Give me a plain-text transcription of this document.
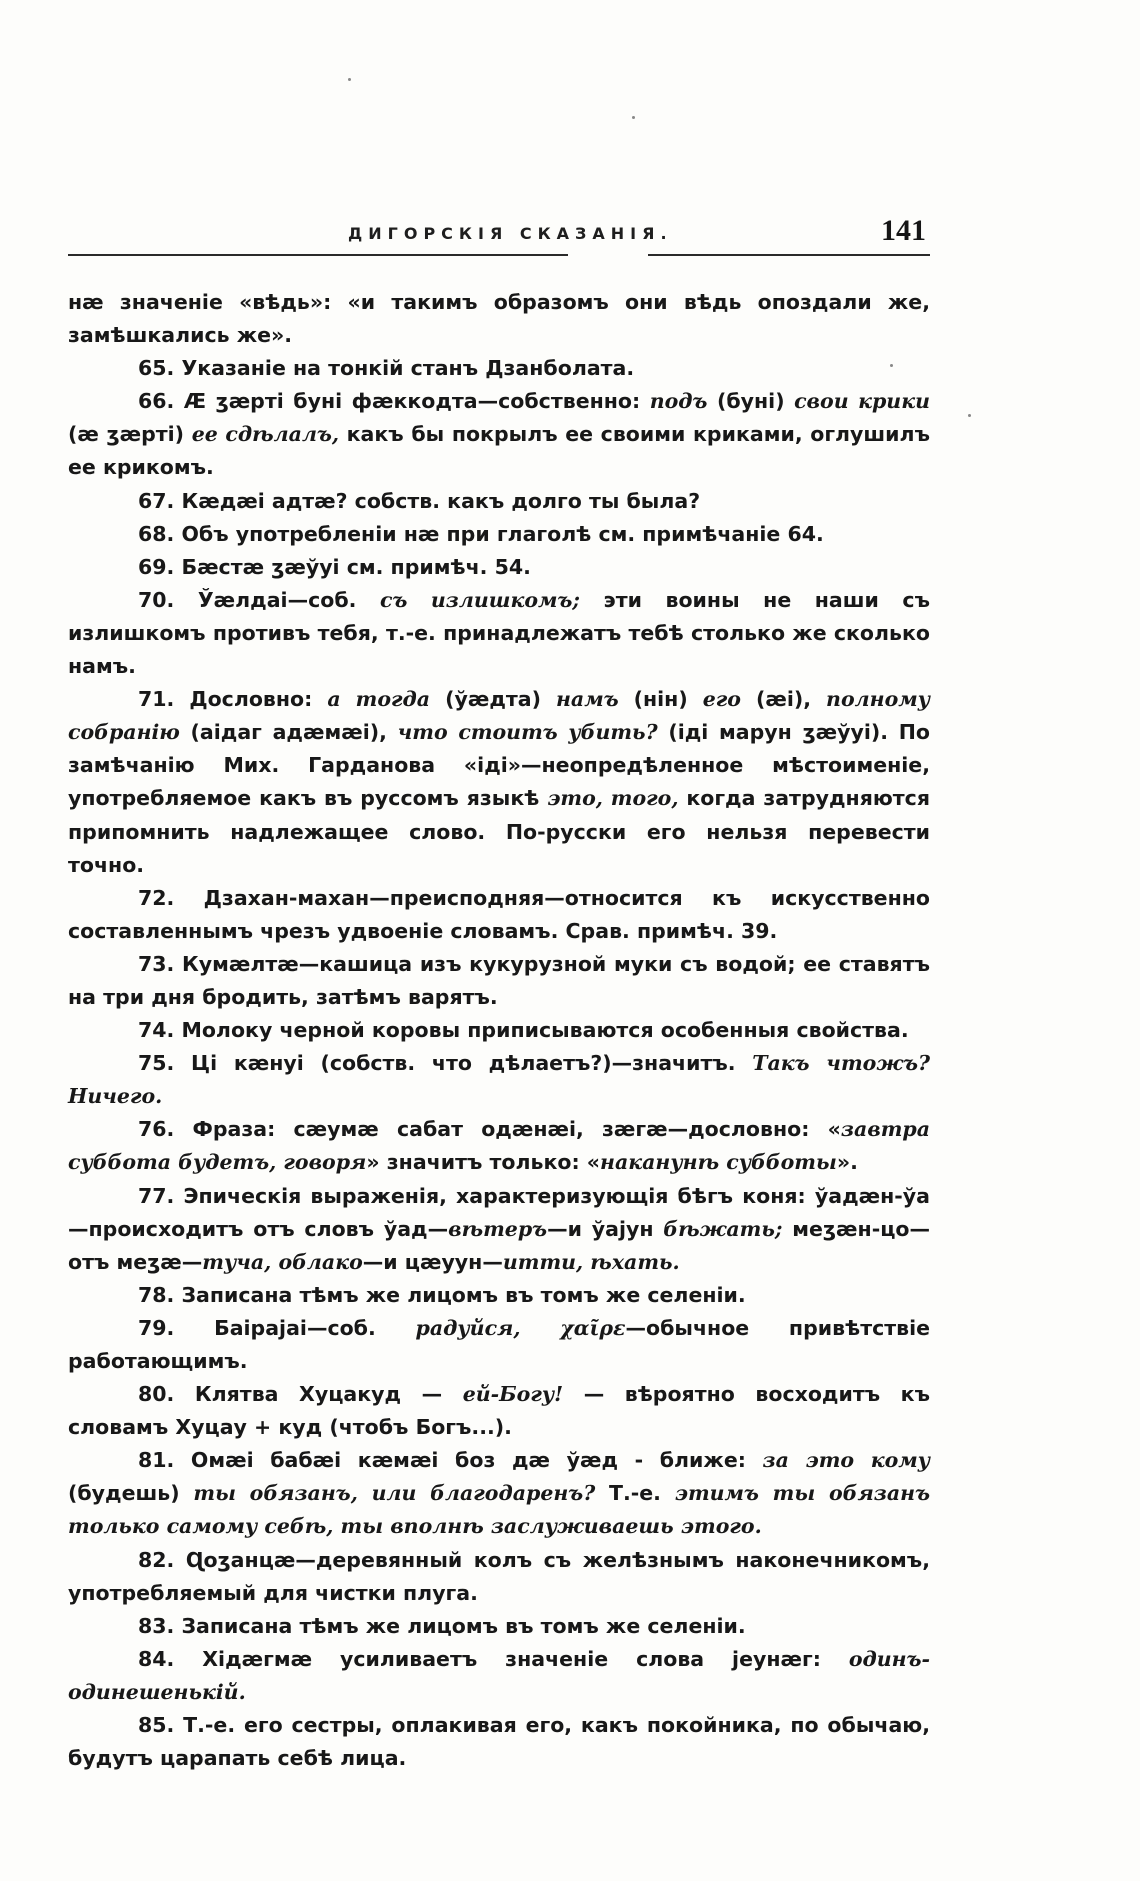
ДИГОРСКІЯ СКАЗАНІЯ.	141

нæ значеніе «вѣдь»: «и такимъ образомъ они вѣдь опоздали же, замѣшкались же».

65. Указаніе на тонкій станъ Дзанболата.

66. Æ ʒæрті буні фæккодта—собственно: подъ (буні) свои крики (æ ʒæрті) ее сдѣлалъ, какъ бы покрылъ ее своими криками, оглушилъ ее крикомъ.

67. Кæдæі адтæ? собств. какъ долго ты была?

68. Объ употребленіи нæ при глаголѣ см. примѣчаніе 64.

69. Бæстæ ʒæўуі см. примѣч. 54.

70. Ўæлдаі—соб. съ излишкомъ; эти воины не наши съ излишкомъ противъ тебя, т.-е. принадлежатъ тебѣ столько же сколько намъ.

71. Дословно: а тогда (ўæдта) намъ (нін) его (æі), полному собранію (аідаг адæмæі), что стоитъ убить? (іді марун ʒæўуі). По замѣчанію Мих. Гарданова «іді»—неопредѣленное мѣстоименіе, употребляемое какъ въ руссомъ языкѣ это, того, когда затрудняются припомнить надлежащее слово. По-русски его нельзя перевести точно.

72. Дзахан-махан—преисподняя—относится къ искусственно составленнымъ чрезъ удвоеніе словамъ. Срав. примѣч. 39.

73. Кумæлтæ—кашица изъ кукурузной муки съ водой; ее ставятъ на три дня бродить, затѣмъ варятъ.

74. Молоку черной коровы приписываются особенныя свойства.

75. Ці кæнуі (собств. что дѣлаетъ?)—значитъ. Такъ чтожъ? Ничего.

76. Фраза: сæумæ сабат одæнæі, зæгæ—дословно: «завтра суббота будетъ, говоря» значитъ только: «наканунѣ субботы».

77. Эпическія выраженія, характеризующія бѣгъ коня: ўадæн-ўа—происходитъ отъ словъ ўад—вѣтеръ—и ўаjун бѣжать; меʒæн-цо—отъ меʒæ—туча, облако—и цæуун—итти, ѣхать.

78. Записана тѣмъ же лицомъ въ томъ же селеніи.

79. Баіраjаі—соб. радуйся, χαῖρε—обычное привѣтствіе работающимъ.

80. Клятва Хуцакуд — ей-Богу! — вѣроятно восходитъ къ словамъ Хуцау + куд (чтобъ Богъ...).

81. Омæі бабæі кæмæі боз дæ ўæд - ближе: за это кому (будешь) ты обязанъ, или благодаренъ? Т.-е. этимъ ты обязанъ только самому себѣ, ты вполнѣ заслуживаешь этого.

82. Ɋоʒанцæ—деревянный колъ съ желѣзнымъ наконечникомъ, употребляемый для чистки плуга.

83. Записана тѣмъ же лицомъ въ томъ же селеніи.

84. Хідæгмæ усиливаетъ значеніе слова jеунæг: одинъ-одинешенькій.

85. Т.-е. его сестры, оплакивая его, какъ покойника, по обычаю, будутъ царапать себѣ лица.
